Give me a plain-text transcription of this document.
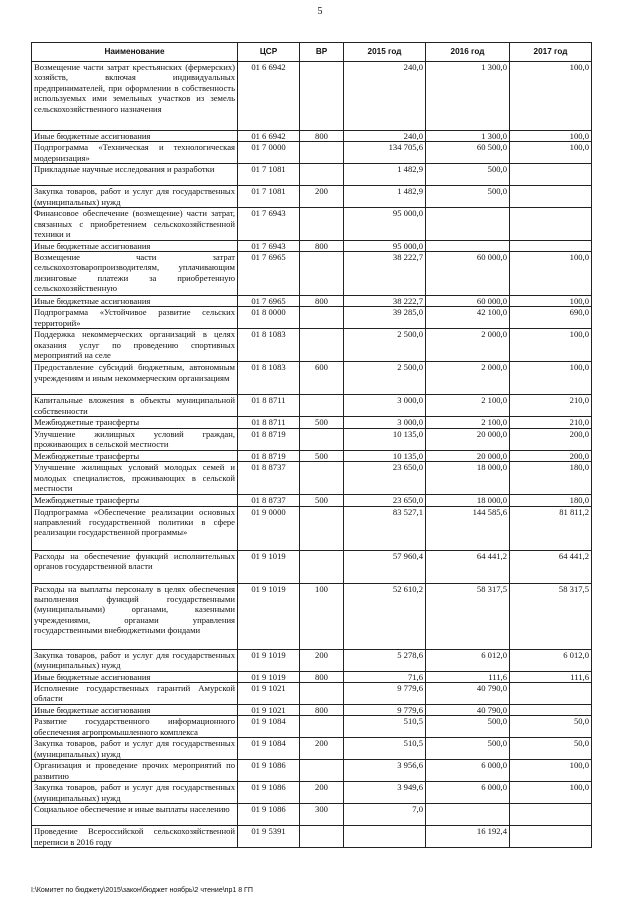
5
Наименование	ЦСР	ВР	2015 год	2016 год	2017 год
Возмещение части затрат крестьянских (фермерских) хозяйств, включая индивидуальных предпринимателей, при оформлении в собственность используемых ими земельных участков из земель сельскохозяйственного назначения	01 6 6942		240,0	1 300,0	100,0
Иные бюджетные ассигнования	01 6 6942	800	240,0	1 300,0	100,0
Подпрограмма «Техническая и технологическая модернизация»	01 7 0000		134 705,6	60 500,0	100,0
Прикладные научные исследования и разработки	01 7 1081		1 482,9	500,0	
Закупка товаров, работ и услуг для государственных (муниципальных) нужд	01 7 1081	200	1 482,9	500,0	
Финансовое обеспечение (возмещение) части затрат, связанных с приобретением сельскохозяйственной техники и	01 7 6943		95 000,0		
Иные бюджетные ассигнования	01 7 6943	800	95 000,0		
Возмещение части затрат сельскохозтоваропроизводителям, уплачивающим лизинговые платежи за приобретенную сельскохозяйственную	01 7 6965		38 222,7	60 000,0	100,0
Иные бюджетные ассигнования	01 7 6965	800	38 222,7	60 000,0	100,0
Подпрограмма «Устойчивое развитие сельских территорий»	01 8 0000		39 285,0	42 100,0	690,0
Поддержка некоммерческих организаций в целях оказания услуг по проведению спортивных мероприятий на селе	01 8 1083		2 500,0	2 000,0	100,0
Предоставление субсидий бюджетным, автономным учреждениям и иным некоммерческим организациям	01 8 1083	600	2 500,0	2 000,0	100,0
Капитальные вложения в объекты муниципальной собственности	01 8 8711		3 000,0	2 100,0	210,0
Межбюджетные трансферты	01 8 8711	500	3 000,0	2 100,0	210,0
Улучшение жилищных условий граждан, проживающих в сельской местности	01 8 8719		10 135,0	20 000,0	200,0
Межбюджетные трансферты	01 8 8719	500	10 135,0	20 000,0	200,0
Улучшение жилищных условий молодых семей и молодых специалистов, проживающих в сельской местности	01 8 8737		23 650,0	18 000,0	180,0
Межбюджетные трансферты	01 8 8737	500	23 650,0	18 000,0	180,0
Подпрограмма «Обеспечение реализации основных направлений государственной политики в сфере реализации государственной программы»	01 9 0000		83 527,1	144 585,6	81 811,2
Расходы на обеспечение функций исполнительных органов государственной власти	01 9 1019		57 960,4	64 441,2	64 441,2
Расходы на выплаты персоналу в целях обеспечения выполнения функций государственными (муниципальными) органами, казенными учреждениями, органами управления государственными внебюджетными фондами	01 9 1019	100	52 610,2	58 317,5	58 317,5
Закупка товаров, работ и услуг для государственных (муниципальных) нужд	01 9 1019	200	5 278,6	6 012,0	6 012,0
Иные бюджетные ассигнования	01 9 1019	800	71,6	111,6	111,6
Исполнение государственных гарантий Амурской области	01 9 1021		9 779,6	40 790,0	
Иные бюджетные ассигнования	01 9 1021	800	9 779,6	40 790,0	
Развитие государственного информационного обеспечения агропромышленного комплекса	01 9 1084		510,5	500,0	50,0
Закупка товаров, работ и услуг для государственных (муниципальных) нужд	01 9 1084	200	510,5	500,0	50,0
Организация и проведение прочих мероприятий по развитию	01 9 1086		3 956,6	6 000,0	100,0
Закупка товаров, работ и услуг для государственных (муниципальных) нужд	01 9 1086	200	3 949,6	6 000,0	100,0
Социальное обеспечение и иные выплаты населению	01 9 1086	300	7,0		
Проведение Всероссийской сельскохозяйственной переписи в 2016 году	01 9 5391			16 192,4	
I:\Комитет по бюджету\2015\закон\бюджет ноябрь\2 чтение\пр1 8 ГП
